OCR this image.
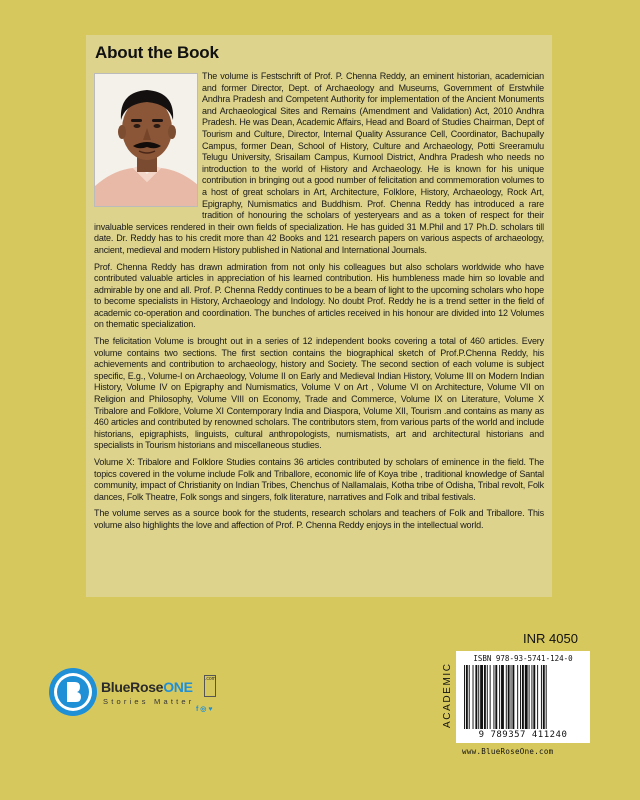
About the Book

The volume is Festschrift of Prof. P. Chenna Reddy, an eminent historian, academician and former Director, Dept. of Archaeology and Museums, Government of Erstwhile Andhra Pradesh and Competent Authority for implementation of the Ancient Monuments and Archaeological Sites and Remains (Amendment and Validation) Act, 2010 Andhra Pradesh. He was Dean, Academic Affairs, Head and Board of Studies Chairman, Dept of Tourism and Culture, Director, Internal Quality Assurance Cell, Coordinator, Bachupally Campus, former Dean, School of History, Culture and Archaeology, Potti Sreeramulu Telugu University, Srisailam Campus, Kurnool District, Andhra Pradesh who needs no introduction to the world of History and Archaeology. He is known for his unique contribution in bringing out a good number of felicitation and commemoration volumes to a host of great scholars in Art, Architecture, Folklore, History, Archaeology, Rock Art, Epigraphy, Numismatics and Buddhism. Prof. Chenna Reddy has introduced a rare tradition of honouring the scholars of yesteryears and as a token of respect for their invaluable services rendered in their own fields of specialization. He has guided 31 M.Phil and 17 Ph.D. scholars till date. Dr. Reddy has to his credit more than 42 Books and 121 research papers on various aspects of archaeology, ancient, medieval and modern History published in National and International Journals.

Prof. Chenna Reddy has drawn admiration from not only his colleagues but also scholars worldwide who have contributed valuable articles in appreciation of his learned contribution. His humbleness made him so lovable and admirable by one and all. Prof. P. Chenna Reddy continues to be a beam of light to the upcoming scholars who hope to become specialists in History, Archaeology and Indology. No doubt Prof. Reddy he is a trend setter in the field of academic co-operation and coordination. The bunches of articles received in his honour are divided into 12 Volumes on thematic specialization.

The felicitation Volume is brought out in a series of 12 independent books covering a total of 460 articles. Every volume contains two sections. The first section contains the biographical sketch of Prof.P.Chenna Reddy, his achievements and contribution to archaeology, history and Society. The second section of each volume is subject specific, E.g., Volume-I on Archaeology, Volume II on Early and Medieval Indian History, Volume III on Modern Indian History, Volume IV on Epigraphy and Numismatics, Volume V on Art , Volume VI on Architecture, Volume VII on Religion and Philosophy, Volume VIII on Economy, Trade and Commerce, Volume IX on Literature, Volume X Tribalore and Folklore, Volume XI Contemporary India and Diaspora, Volume XII, Tourism .and contains as many as 460 articles and contributed by renowned scholars. The contributors stem, from various parts of the world and include historians, epigraphists, linguists, cultural anthropologists, numismatists, art and architectural historians and specialists in Tourism historians and miscellaneous studies.

Volume X: Tribalore and Folklore Studies contains 36 articles contributed by scholars of eminence in the field. The topics covered in the volume include Folk and Triballore, economic life of Koya tribe , traditional knowledge of Santal community, impact of Christianity on Indian Tribes, Chenchus of Nallamalais, Kotha tribe of Odisha, Tribal revolt, Folk dances, Folk Theatre, Folk songs and singers, folk literature, narratives and Folk and tribal festivals.

The volume serves as a source book for the students, research scholars and teachers of Folk and Triballore. This volume also highlights the love and affection of Prof. P. Chenna Reddy enjoys in the intellectual world.

INR 4050
ACADEMIC
ISBN 978-93-5741-124-0
9 789357 411240
www.BlueRoseOne.com
BlueRoseONE
Stories Matter
.com
f ◎ ♥
